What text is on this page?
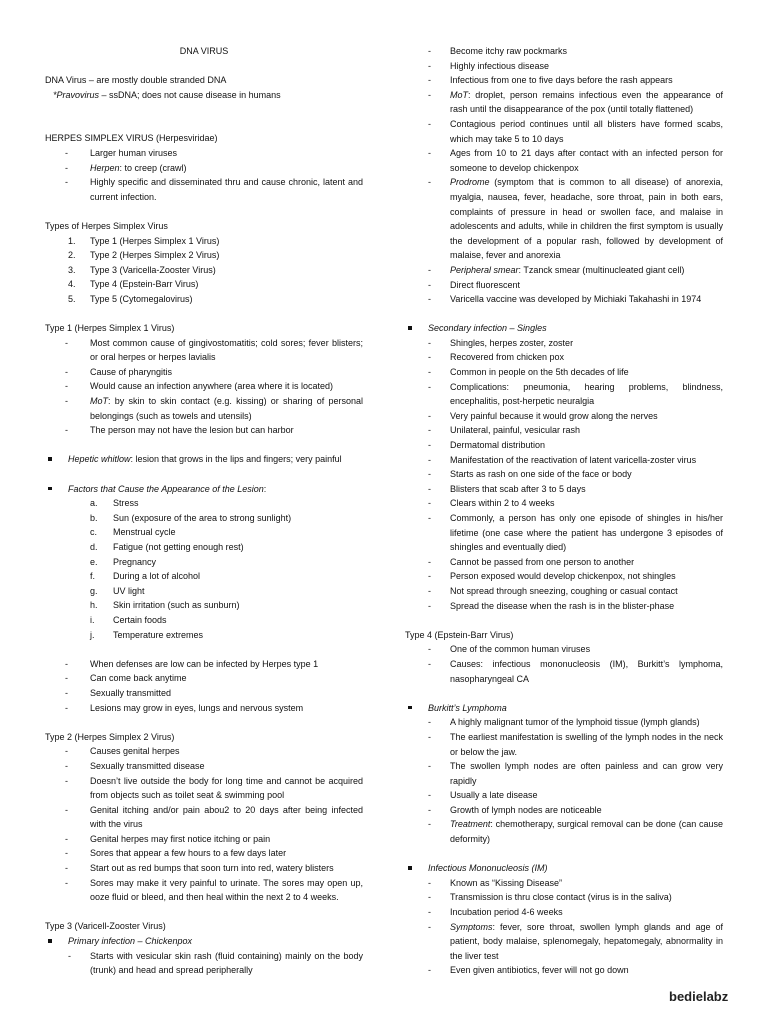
DNA VIRUS

DNA Virus – are mostly double stranded DNA

*Pravovirus – ssDNA; does not cause disease in humans

HERPES SIMPLEX VIRUS (Herpesviridae)

- Larger human viruses
- Herpen: to creep (crawl)
- Highly specific and disseminated thru and cause chronic, latent and current infection.

Types of Herpes Simplex Virus

1. Type 1 (Herpes Simplex 1 Virus)
2. Type 2 (Herpes Simplex 2 Virus)
3. Type 3 (Varicella-Zooster Virus)
4. Type 4 (Epstein-Barr Virus)
5. Type 5 (Cytomegalovirus)

Type 1 (Herpes Simplex 1 Virus)

- Most common cause of gingivostomatitis; cold sores; fever blisters; or oral herpes or herpes lavialis
- Cause of pharyngitis
- Would cause an infection anywhere (area where it is located)
- MoT: by skin to skin contact (e.g. kissing) or sharing of personal belongings (such as towels and utensils)
- The person may not have the lesion but can harbor
Hepetic whitlow: lesion that grows in the lips and fingers; very painful
Factors that Cause the Appearance of the Lesion:
a. Stress
b. Sun (exposure of the area to strong sunlight)
c. Menstrual cycle
d. Fatigue (not getting enough rest)
e. Pregnancy
f. During a lot of alcohol
g. UV light
h. Skin irritation (such as sunburn)
i. Certain foods
j. Temperature extremes
- When defenses are low can be infected by Herpes type 1
- Can come back anytime
- Sexually transmitted
- Lesions may grow in eyes, lungs and nervous system

Type 2 (Herpes Simplex 2 Virus)

- Causes genital herpes
- Sexually transmitted disease
- Doesn’t live outside the body for long time and cannot be acquired from objects such as toilet seat & swimming pool
- Genital itching and/or pain abou2 to 20 days after being infected with the virus
- Genital herpes may first notice itching or pain
- Sores that appear a few hours to a few days later
- Start out as red bumps that soon turn into red, watery blisters
- Sores may make it very painful to urinate. The sores may open up, ooze fluid or bleed, and then heal within the next 2 to 4 weeks.

Type 3 (Varicell-Zooster Virus)

Primary infection – Chickenpox
- Starts with vesicular skin rash (fluid containing) mainly on the body (trunk) and head and spread peripherally
- Become itchy raw pockmarks
- Highly infectious disease
- Infectious from one to five days before the rash appears
- MoT: droplet, person remains infectious even the appearance of rash until the disappearance of the pox (until totally flattened)
- Contagious period continues until all blisters have formed scabs, which may take 5 to 10 days
- Ages from 10 to 21 days after contact with an infected person for someone to develop chickenpox
- Prodrome (symptom that is common to all disease) of anorexia, myalgia, nausea, fever, headache, sore throat, pain in both ears, complaints of pressure in head or swollen face, and malaise in adolescents and adults, while in children the first symptom is usually the development of a popular rash, followed by development of malaise, fever and anorexia
- Peripheral smear: Tzanck smear (multinucleated giant cell)
- Direct fluorescent
- Varicella vaccine was developed by Michiaki Takahashi in 1974
Secondary infection – Singles
- Shingles, herpes zoster, zoster
- Recovered from chicken pox
- Common in people on the 5th decades of life
- Complications: pneumonia, hearing problems, blindness, encephalitis, post-herpetic neuralgia
- Very painful because it would grow along the nerves
- Unilateral, painful, vesicular rash
- Dermatomal distribution
- Manifestation of the reactivation of latent varicella-zoster virus
- Starts as rash on one side of the face or body
- Blisters that scab after 3 to 5 days
- Clears within 2 to 4 weeks
- Commonly, a person has only one episode of shingles in his/her lifetime (one case where the patient has undergone 3 episodes of shingles and eventually died)
- Cannot be passed from one person to another
- Person exposed would develop chickenpox, not shingles
- Not spread through sneezing, coughing or casual contact
- Spread the disease when the rash is in the blister-phase

Type 4 (Epstein-Barr Virus)

- One of the common human viruses
- Causes: infectious mononucleosis (IM), Burkitt’s lymphoma, nasopharyngeal CA
Burkitt’s Lymphoma
- A highly malignant tumor of the lymphoid tissue (lymph glands)
- The earliest manifestation is swelling of the lymph nodes in the neck or below the jaw.
- The swollen lymph nodes are often painless and can grow very rapidly
- Usually a late disease
- Growth of lymph nodes are noticeable
- Treatment: chemotherapy, surgical removal can be done (can cause deformity)
Infectious Mononucleosis (IM)
- Known as “Kissing Disease”
- Transmission is thru close contact (virus is in the saliva)
- Incubation period 4-6 weeks
- Symptoms: fever, sore throat, swollen lymph glands and age of patient, body malaise, splenomegaly, hepatomegaly, abnormality in the liver test
- Even given antibiotics, fever will not go down
bedielabz
